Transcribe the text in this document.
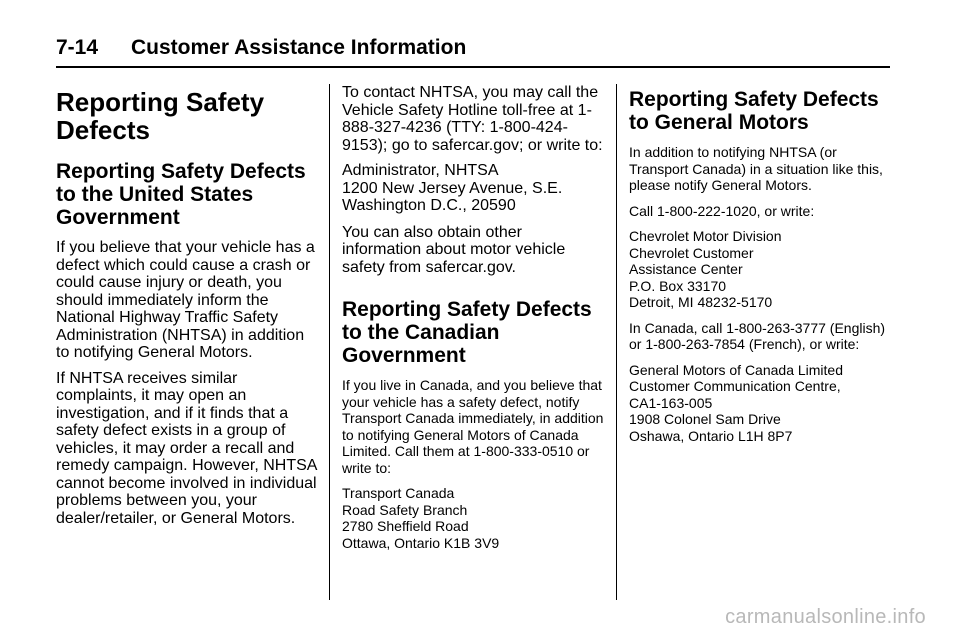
7-14 Customer Assistance Information
Reporting Safety Defects
Reporting Safety Defects to the United States Government

If you believe that your vehicle has a defect which could cause a crash or could cause injury or death, you should immediately inform the National Highway Traffic Safety Administration (NHTSA) in addition to notifying General Motors.

If NHTSA receives similar complaints, it may open an investigation, and if it finds that a safety defect exists in a group of vehicles, it may order a recall and remedy campaign. However, NHTSA cannot become involved in individual problems between you, your dealer/retailer, or General Motors.

To contact NHTSA, you may call the Vehicle Safety Hotline toll-free at 1-888-327-4236 (TTY: 1-800-424-9153); go to safercar.gov; or write to:

Administrator, NHTSA
1200 New Jersey Avenue, S.E.
Washington D.C., 20590

You can also obtain other information about motor vehicle safety from safercar.gov.

Reporting Safety Defects to the Canadian Government

If you live in Canada, and you believe that your vehicle has a safety defect, notify Transport Canada immediately, in addition to notifying General Motors of Canada Limited. Call them at 1-800-333-0510 or write to:

Transport Canada
Road Safety Branch
2780 Sheffield Road
Ottawa, Ontario K1B 3V9
Reporting Safety Defects to General Motors

In addition to notifying NHTSA (or Transport Canada) in a situation like this, please notify General Motors.

Call 1-800-222-1020, or write:

Chevrolet Motor Division
Chevrolet Customer
Assistance Center
P.O. Box 33170
Detroit, MI 48232-5170

In Canada, call 1-800-263-3777 (English) or 1-800-263-7854 (French), or write:

General Motors of Canada Limited
Customer Communication Centre,
CA1-163-005
1908 Colonel Sam Drive
Oshawa, Ontario L1H 8P7
carmanualsonline.info
